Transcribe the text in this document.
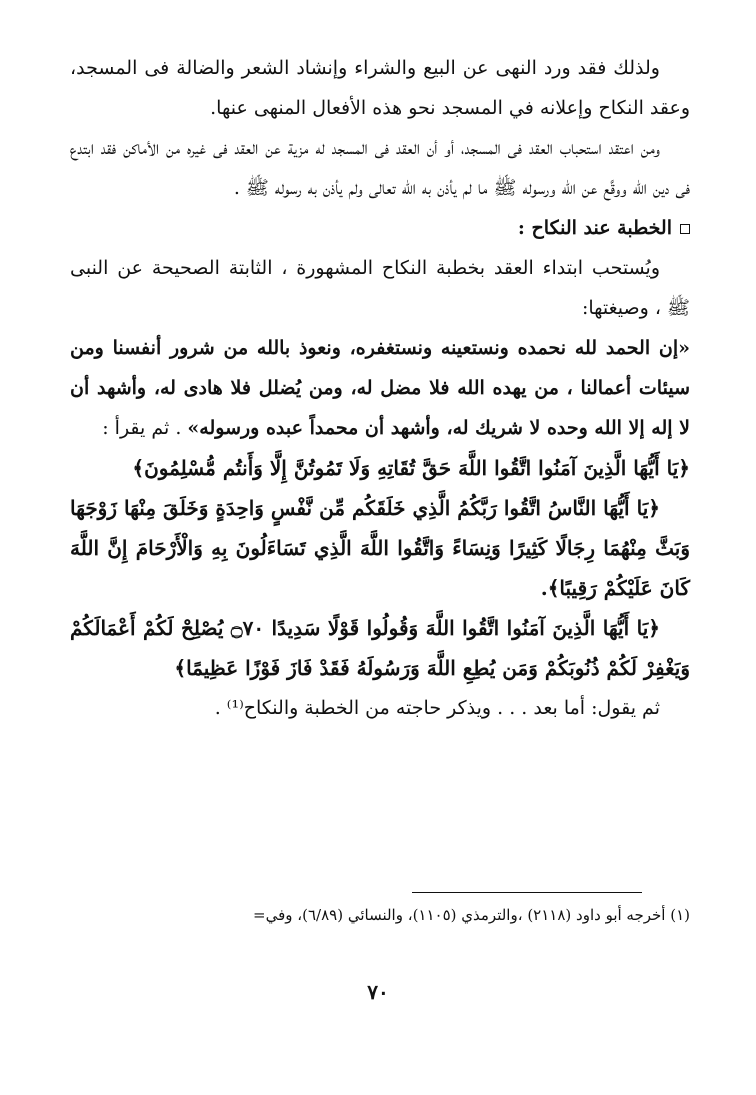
ولذلك فقد ورد النهى عن البيع والشراء وإنشاد الشعر والضالة فى المسجد، وعقد النكاح وإعلانه في المسجد نحو هذه الأفعال المنهى عنها.

ومن اعتقد استحباب العقد فى المسجد، أو أن العقد فى المسجد له مزية عن العقد فى غيره من الأماكن فقد ابتدع فى دين الله ووقَّع عن الله ورسوله ﷺ ما لم يأذن به الله تعالى ولم يأذن به رسوله ﷺ .

الخطبة عند النكاح :

ويُستحب ابتداء العقد بخطبة النكاح المشهورة ، الثابتة الصحيحة عن النبى ﷺ ، وصيغتها:

«إن الحمد لله نحمده ونستعينه ونستغفره، ونعوذ بالله من شرور أنفسنا ومن سيئات أعمالنا ، من يهده الله فلا مضل له، ومن يُضلل فلا هادى له، وأشهد أن لا إله إلا الله وحده لا شريك له، وأشهد أن محمداً عبده ورسوله» . ثم يقرأ :

﴿يَا أَيُّهَا الَّذِينَ آمَنُوا اتَّقُوا اللَّهَ حَقَّ تُقَاتِهِ وَلَا تَمُوتُنَّ إِلَّا وَأَنتُم مُّسْلِمُونَ﴾

﴿يَا أَيُّهَا النَّاسُ اتَّقُوا رَبَّكُمُ الَّذِي خَلَقَكُم مِّن نَّفْسٍ وَاحِدَةٍ وَخَلَقَ مِنْهَا زَوْجَهَا وَبَثَّ مِنْهُمَا رِجَالًا كَثِيرًا وَنِسَاءً وَاتَّقُوا اللَّهَ الَّذِي تَسَاءَلُونَ بِهِ وَالْأَرْحَامَ إِنَّ اللَّهَ كَانَ عَلَيْكُمْ رَقِيبًا﴾.

﴿يَا أَيُّهَا الَّذِينَ آمَنُوا اتَّقُوا اللَّهَ وَقُولُوا قَوْلًا سَدِيدًا ۝٧٠ يُصْلِحْ لَكُمْ أَعْمَالَكُمْ وَيَغْفِرْ لَكُمْ ذُنُوبَكُمْ وَمَن يُطِعِ اللَّهَ وَرَسُولَهُ فَقَدْ فَازَ فَوْزًا عَظِيمًا﴾

ثم يقول: أما بعد . . . ويذكر حاجته من الخطبة والنكاح⁽¹⁾ .

(١) أخرجه أبو داود (٢١١٨) ،والترمذي (١١٠٥)، والنسائي (٦/٨٩)، وفي=
٧٠
